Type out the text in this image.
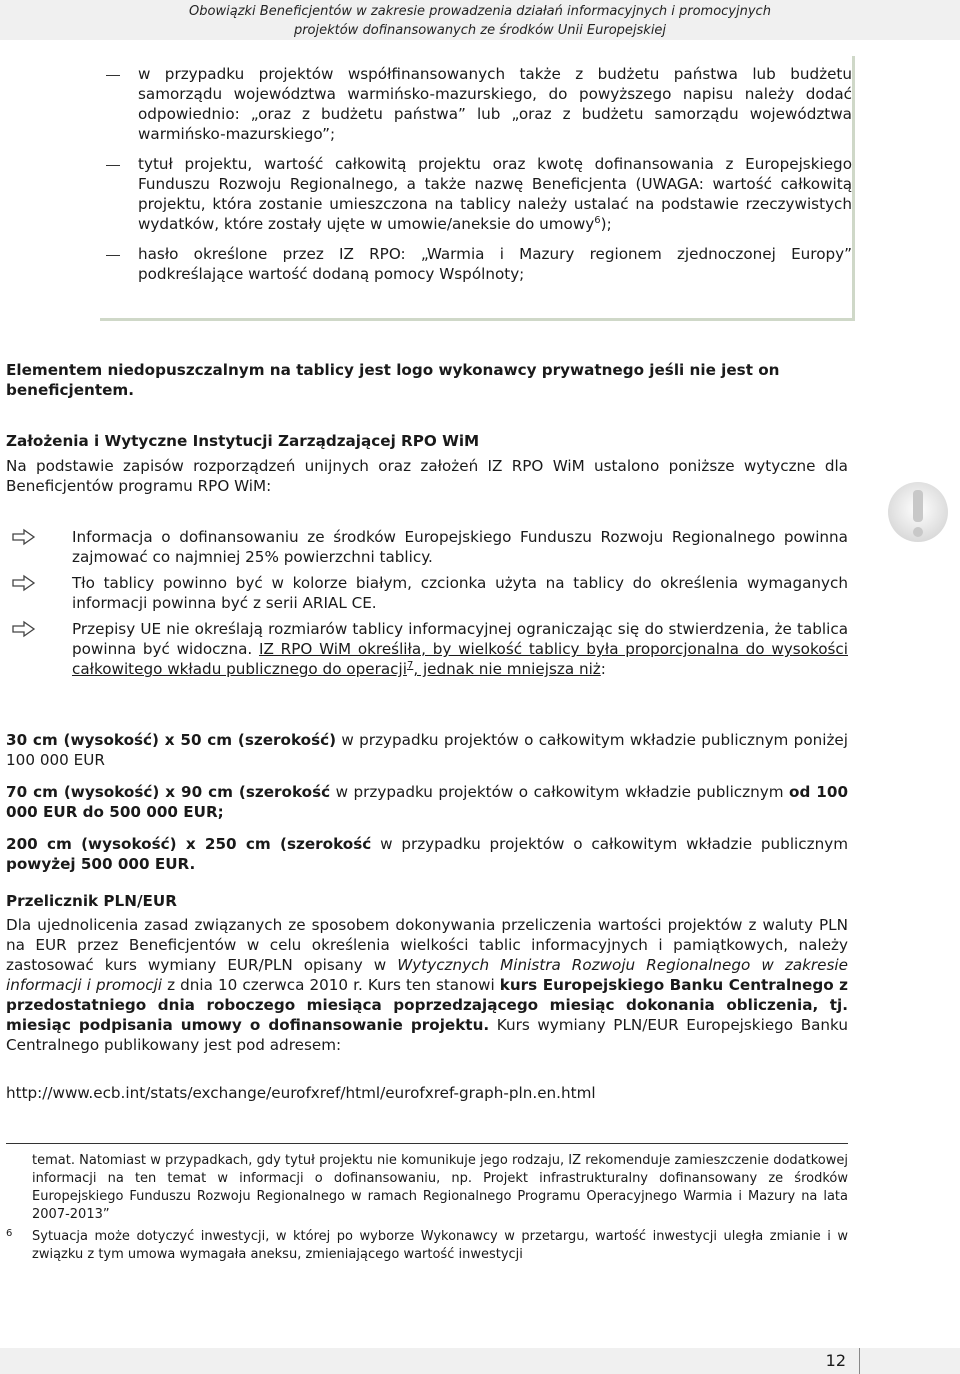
Obowiązki Beneficjentów w zakresie prowadzenia działań informacyjnych i promocyjnych
projektów dofinansowanych ze środków Unii Europejskiej
w przypadku projektów współfinansowanych także z budżetu państwa lub budżetu samorządu województwa warmińsko-mazurskiego, do powyższego napisu należy dodać odpowiednio: „oraz z budżetu państwa” lub „oraz z budżetu samorządu województwa warmińsko-mazurskiego”;
tytuł projektu, wartość całkowitą projektu oraz kwotę dofinansowania z Europejskiego Funduszu Rozwoju Regionalnego, a także nazwę Beneficjenta (UWAGA: wartość całkowitą projektu, która zostanie umieszczona na tablicy należy ustalać na podstawie rzeczywistych wydatków, które zostały ujęte w umowie/aneksie do umowy$^6$);
hasło określone przez IZ RPO: „Warmia i Mazury regionem zjednoczonej Europy” podkreślające wartość dodaną pomocy Wspólnoty;
Elementem niedopuszczalnym na tablicy jest logo wykonawcy prywatnego jeśli nie jest on beneficjentem.
Założenia i Wytyczne Instytucji Zarządzającej RPO WiM
Na podstawie zapisów rozporządzeń unijnych oraz założeń IZ RPO WiM ustalono poniższe wytyczne dla Beneficjentów programu RPO WiM:
Informacja o dofinansowaniu ze środków Europejskiego Funduszu Rozwoju Regionalnego powinna zajmować co najmniej 25% powierzchni tablicy.
Tło tablicy powinno być w kolorze białym, czcionka użyta na tablicy do określenia wymaganych informacji powinna być z serii ARIAL CE.
Przepisy UE nie określają rozmiarów tablicy informacyjnej ograniczając się do stwierdzenia, że tablica powinna być widoczna. IZ RPO WiM określiła, by wielkość tablicy była proporcjonalna do wysokości całkowitego wkładu publicznego do operacji$^7$, jednak nie mniejsza niż:

30 cm (wysokość) x 50 cm (szerokość) w przypadku projektów o całkowitym wkładzie publicznym poniżej 100 000 EUR

70 cm (wysokość) x 90 cm (szerokość w przypadku projektów o całkowitym wkładzie publicznym od 100 000 EUR do 500 000 EUR;

200 cm (wysokość) x 250 cm (szerokość w przypadku projektów o całkowitym wkładzie publicznym powyżej 500 000 EUR.

Przelicznik PLN/EUR
Dla ujednolicenia zasad związanych ze sposobem dokonywania przeliczenia wartości projektów z waluty PLN na EUR przez Beneficjentów w celu określenia wielkości tablic informacyjnych i pamiątkowych, należy zastosować kurs wymiany EUR/PLN opisany w Wytycznych Ministra Rozwoju Regionalnego w zakresie informacji i promocji z dnia 10 czerwca 2010 r. Kurs ten stanowi kurs Europejskiego Banku Centralnego z przedostatniego dnia roboczego miesiąca poprzedzającego miesiąc dokonania obliczenia, tj. miesiąc podpisania umowy o dofinansowanie projektu. Kurs wymiany PLN/EUR Europejskiego Banku Centralnego publikowany jest pod adresem:
http://www.ecb.int/stats/exchange/eurofxref/html/eurofxref-graph-pln.en.html
temat. Natomiast w przypadkach, gdy tytuł projektu nie komunikuje jego rodzaju, IZ rekomenduje zamieszczenie dodatkowej informacji na ten temat w informacji o dofinansowaniu, np. Projekt infrastrukturalny dofinansowany ze środków Europejskiego Funduszu Rozwoju Regionalnego w ramach Regionalnego Programu Operacyjnego Warmia i Mazury na lata 2007-2013”
6 Sytuacja może dotyczyć inwestycji, w której po wyborze Wykonawcy w przetargu, wartość inwestycji uległa zmianie i w związku z tym umowa wymagała aneksu, zmieniającego wartość inwestycji
12
